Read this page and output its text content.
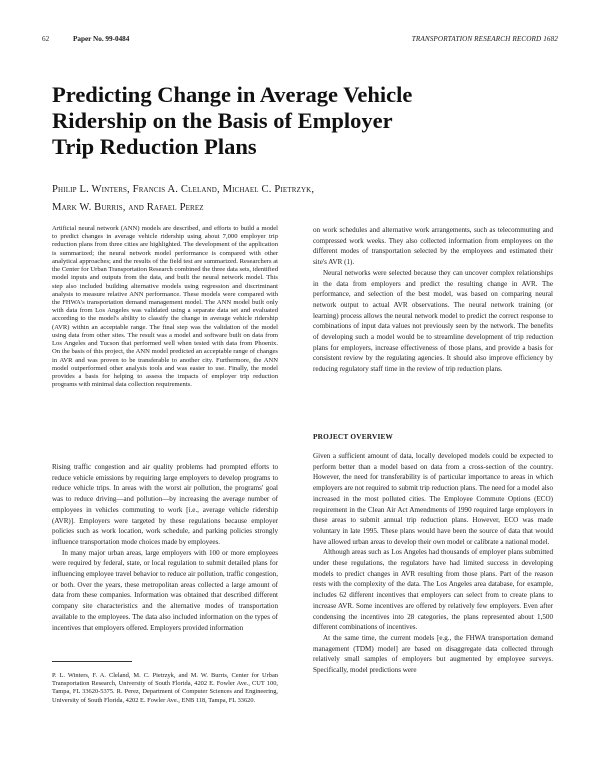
62	Paper No. 99-0484	TRANSPORTATION RESEARCH RECORD 1682
Predicting Change in Average Vehicle
Ridership on the Basis of Employer
Trip Reduction Plans
Philip L. Winters, Francis A. Cleland, Michael C. Pietrzyk,
Mark W. Burris, and Rafael Perez

Artificial neural network (ANN) models are described, and efforts to build a model to predict changes in average vehicle ridership using about 7,000 employer trip reduction plans from three cities are highlighted. The development of the application is summarized; the neural network model performance is compared with other analytical approaches; and the results of the field test are summarized. Researchers at the Center for Urban Transportation Research combined the three data sets, identified model inputs and outputs from the data, and built the neural network model. This step also included building alternative models using regression and discriminant analysis to measure relative ANN performance. These models were compared with the FHWA's transportation demand management model. The ANN model built only with data from Los Angeles was validated using a separate data set and evaluated according to the model's ability to classify the change in average vehicle ridership (AVR) within an acceptable range. The final step was the validation of the model using data from other sites. The result was a model and software built on data from Los Angeles and Tucson that performed well when tested with data from Phoenix. On the basis of this project, the ANN model predicted an acceptable range of changes in AVR and was proven to be transferable to another city. Furthermore, the ANN model outperformed other analysis tools and was easier to use. Finally, the model provides a basis for helping to assess the impacts of employer trip reduction programs with minimal data collection requirements.

Rising traffic congestion and air quality problems had prompted efforts to reduce vehicle emissions by requiring large employers to develop programs to reduce vehicle trips. In areas with the worst air pollution, the programs' goal was to reduce driving—and pollution—by increasing the average number of employees in vehicles commuting to work [i.e., average vehicle ridership (AVR)]. Employers were targeted by these regulations because employer policies such as work location, work schedule, and parking policies strongly influence transportation mode choices made by employees.

In many major urban areas, large employers with 100 or more employees were required by federal, state, or local regulation to submit detailed plans for influencing employee travel behavior to reduce air pollution, traffic congestion, or both. Over the years, these metropolitan areas collected a large amount of data from these companies. Information was obtained that described different company site characteristics and the alternative modes of transportation available to the employees. The data also included information on the types of incentives that employers offered. Employers provided information

on work schedules and alternative work arrangements, such as telecommuting and compressed work weeks. They also collected information from employees on the different modes of transportation selected by the employees and estimated their site's AVR (1).

Neural networks were selected because they can uncover complex relationships in the data from employers and predict the resulting change in AVR. The performance, and selection of the best model, was based on comparing neural network output to actual AVR observations. The neural network training (or learning) process allows the neural network model to predict the correct response to combinations of input data values not previously seen by the network. The benefits of developing such a model would be to streamline development of trip reduction plans for employers, increase effectiveness of those plans, and provide a basis for consistent review by the regulating agencies. It should also improve efficiency by reducing regulatory staff time in the review of trip reduction plans.

PROJECT OVERVIEW

Given a sufficient amount of data, locally developed models could be expected to perform better than a model based on data from a cross-section of the country. However, the need for transferability is of particular importance to areas in which employers are not required to submit trip reduction plans. The need for a model also increased in the most polluted cities. The Employee Commute Options (ECO) requirement in the Clean Air Act Amendments of 1990 required large employers in these areas to submit annual trip reduction plans. However, ECO was made voluntary in late 1995. These plans would have been the source of data that would have allowed urban areas to develop their own model or calibrate a national model.

Although areas such as Los Angeles had thousands of employer plans submitted under these regulations, the regulators have had limited success in developing models to predict changes in AVR resulting from those plans. Part of the reason rests with the complexity of the data. The Los Angeles area database, for example, includes 62 different incentives that employers can select from to create plans to increase AVR. Some incentives are offered by relatively few employers. Even after condensing the incentives into 28 categories, the plans represented about 1,500 different combinations of incentives.

At the same time, the current models [e.g., the FHWA transportation demand management (TDM) model] are based on disaggregate data collected through relatively small samples of employers but augmented by employee surveys. Specifically, model predictions were

P. L. Winters, F. A. Cleland, M. C. Pietrzyk, and M. W. Burris, Center for Urban Transportation Research, University of South Florida, 4202 E. Fowler Ave., CUT 100, Tampa, FL 33620-5375. R. Perez, Department of Computer Sciences and Engineering, University of South Florida, 4202 E. Fowler Ave., ENB 118, Tampa, FL 33620.
